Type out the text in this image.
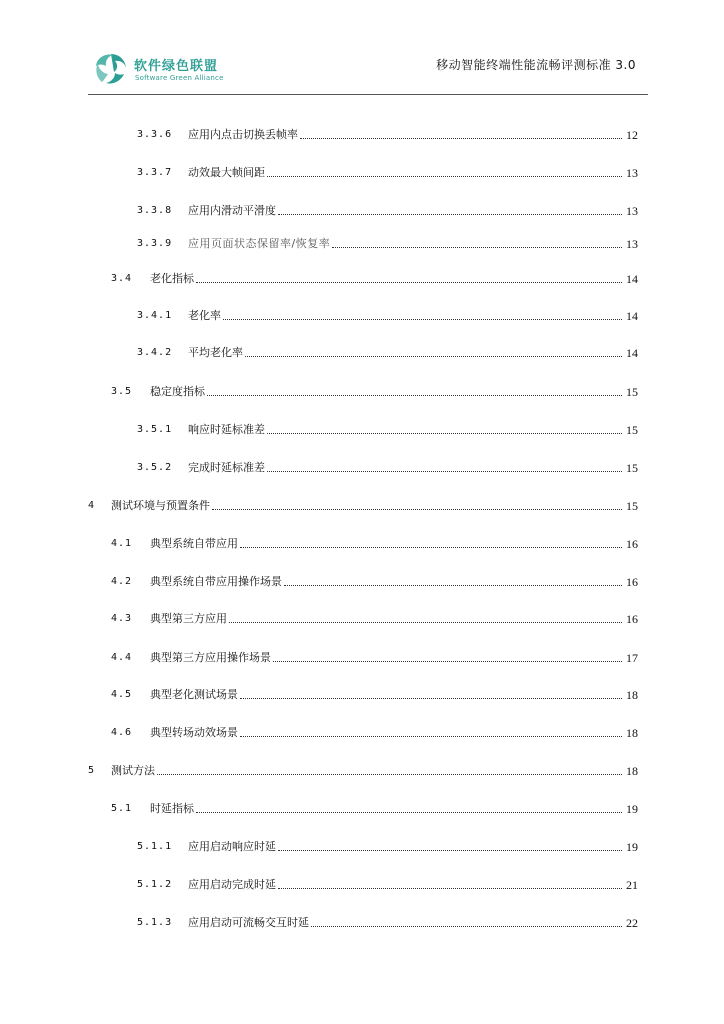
软件绿色联盟
Software Green Alliance
移动智能终端性能流畅评测标准 3.0
3.3.6 应用内点击切换丢帧率	12
3.3.7 动效最大帧间距	13
3.3.8 应用内滑动平滑度	13
3.3.9 应用页面状态保留率/恢复率	13
3.4 老化指标	14
3.4.1 老化率	14
3.4.2 平均老化率	14
3.5 稳定度指标	15
3.5.1 响应时延标准差	15
3.5.2 完成时延标准差	15
4 测试环境与预置条件	15
4.1 典型系统自带应用	16
4.2 典型系统自带应用操作场景	16
4.3 典型第三方应用	16
4.4 典型第三方应用操作场景	17
4.5 典型老化测试场景	18
4.6 典型转场动效场景	18
5 测试方法	18
5.1 时延指标	19
5.1.1 应用启动响应时延	19
5.1.2 应用启动完成时延	21
5.1.3 应用启动可流畅交互时延	22
